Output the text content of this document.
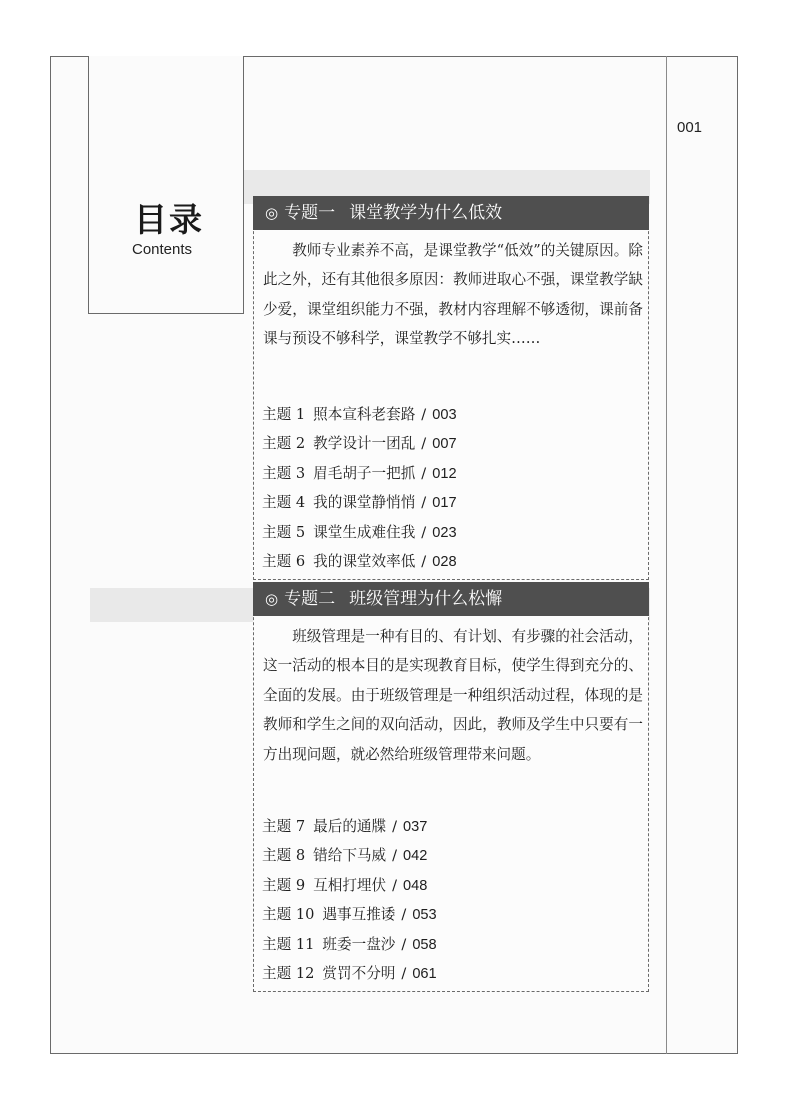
目录
Contents
001
◎ 专题一 课堂教学为什么低效
教师专业素养不高，是课堂教学“低效”的关键原因。除此之外，还有其他很多原因：教师进取心不强，课堂教学缺少爱，课堂组织能力不强，教材内容理解不够透彻，课前备课与预设不够科学，课堂教学不够扎实……
主题 1 照本宣科老套路 / 003
主题 2 教学设计一团乱 / 007
主题 3 眉毛胡子一把抓 / 012
主题 4 我的课堂静悄悄 / 017
主题 5 课堂生成难住我 / 023
主题 6 我的课堂效率低 / 028
◎ 专题二 班级管理为什么松懈
班级管理是一种有目的、有计划、有步骤的社会活动，这一活动的根本目的是实现教育目标，使学生得到充分的、全面的发展。由于班级管理是一种组织活动过程，体现的是教师和学生之间的双向活动，因此，教师及学生中只要有一方出现问题，就必然给班级管理带来问题。
主题 7 最后的通牒 / 037
主题 8 错给下马威 / 042
主题 9 互相打埋伏 / 048
主题 10 遇事互推诿 / 053
主题 11 班委一盘沙 / 058
主题 12 赏罚不分明 / 061
